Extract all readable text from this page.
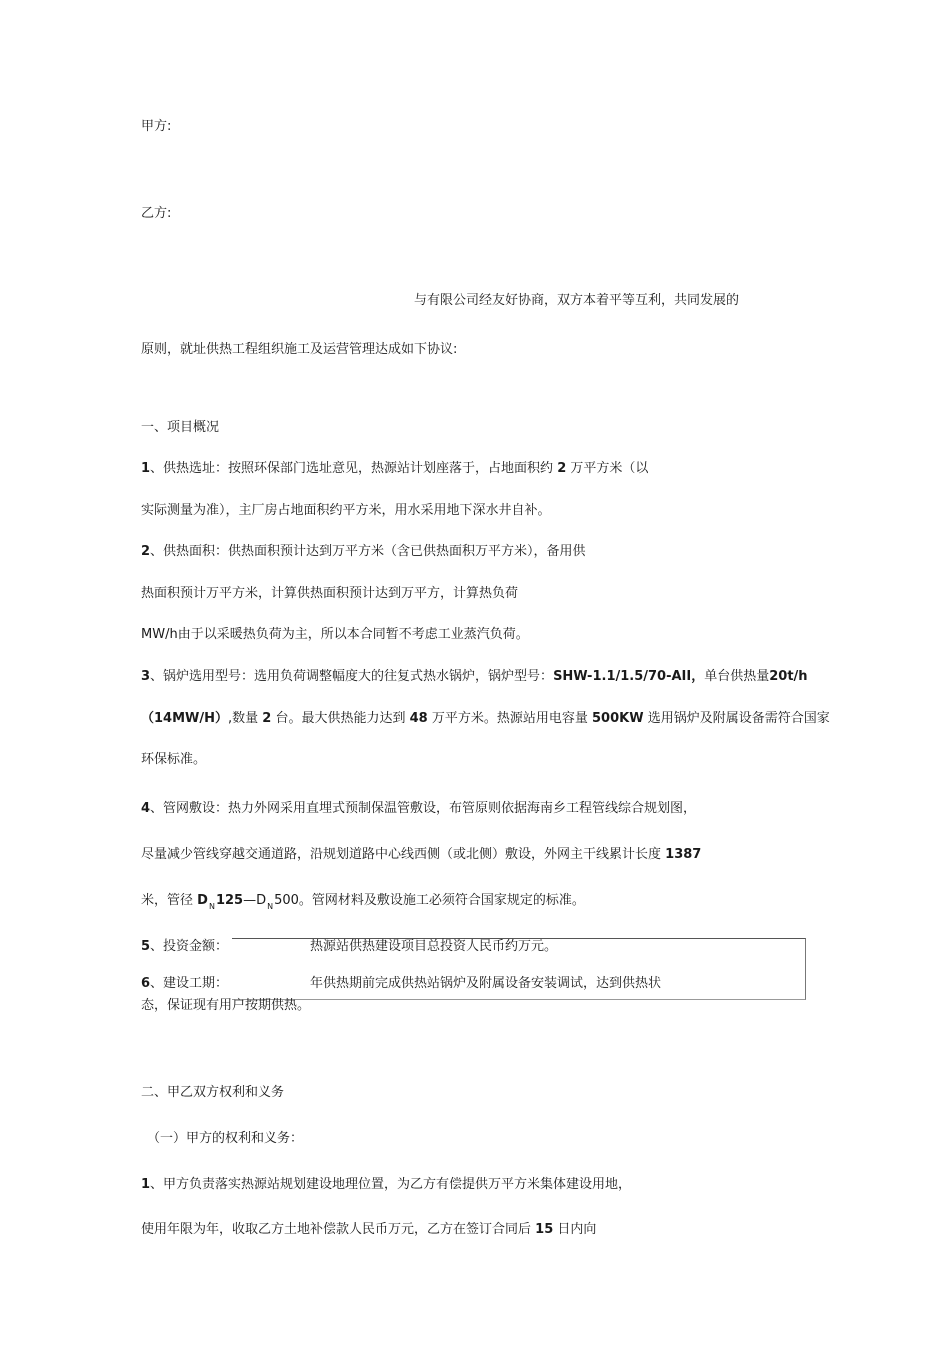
甲方:
乙方:
与有限公司经友好协商，双方本着平等互利，共同发展的
原则，就址供热工程组织施工及运营管理达成如下协议:
一、项目概况
1、供热选址：按照环保部门选址意见，热源站计划座落于，占地面积约 2 万平方米（以
实际测量为准），主厂房占地面积约平方米，用水采用地下深水井自补。
2、供热面积：供热面积预计达到万平方米（含已供热面积万平方米），备用供
热面积预计万平方米，计算供热面积预计达到万平方，计算热负荷
MW/h由于以采暖热负荷为主，所以本合同暂不考虑工业蒸汽负荷。
3、锅炉选用型号：选用负荷调整幅度大的往复式热水锅炉，锅炉型号：SHW-1.1/1.5/70-AII，单台供热量20t/h
（14MW/H）,数量 2 台。最大供热能力达到 48 万平方米。热源站用电容量 500KW 选用锅炉及附属设备需符合国家
环保标准。
4、管网敷设：热力外网采用直埋式预制保温管敷设，布管原则依据海南乡工程管线综合规划图，
尽量减少管线穿越交通道路，沿规划道路中心线西侧（或北侧）敷设，外网主干线累计长度 1387
米，管径 $D_N125—D_N500$。管网材料及敷设施工必须符合国家规定的标准。
5、投资金额：	热源站供热建设项目总投资人民币约万元。
6、建设工期：	年供热期前完成供热站锅炉及附属设备安装调试，达到供热状
态，保证现有用户按期供热。
二、甲乙双方权利和义务
（一）甲方的权利和义务：
1、甲方负责落实热源站规划建设地理位置，为乙方有偿提供万平方米集体建设用地，
使用年限为年，收取乙方土地补偿款人民币万元，乙方在签订合同后 15 日内向
